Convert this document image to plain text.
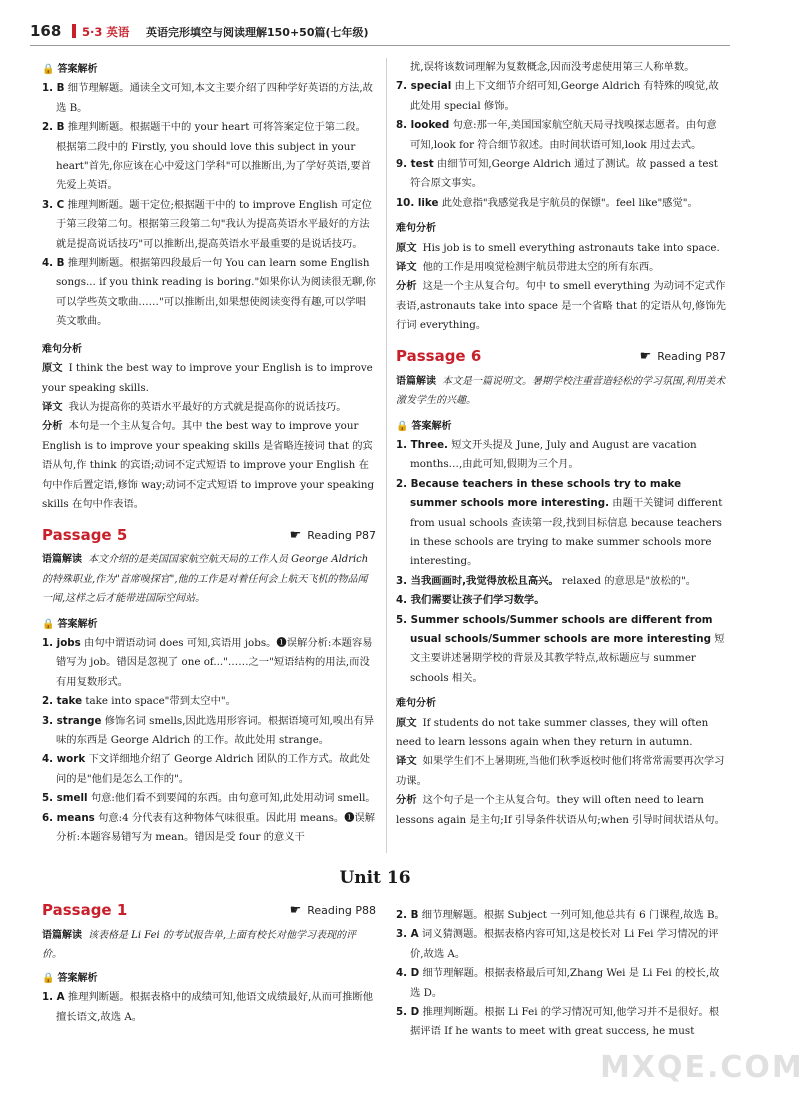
168 5·3 英语 英语完形填空与阅读理解150+50篇(七年级)
🔒 答案解析

1. B 细节理解题。通读全文可知,本文主要介绍了四种学好英语的方法,故选 B。

2. B 推理判断题。根据题干中的 your heart 可将答案定位于第二段。根据第二段中的 Firstly, you should love this subject in your heart"首先,你应该在心中爱这门学科"可以推断出,为了学好英语,要首先爱上英语。

3. C 推理判断题。题干定位;根据题干中的 to improve English 可定位于第三段第二句。根据第三段第二句"我认为提高英语水平最好的方法就是提高说话技巧"可以推断出,提高英语水平最重要的是说话技巧。

4. B 推理判断题。根据第四段最后一句 You can learn some English songs... if you think reading is boring."如果你认为阅读很无聊,你可以学些英文歌曲……"可以推断出,如果想使阅读变得有趣,可以学唱英文歌曲。

难句分析

原文 I think the best way to improve your English is to improve your speaking skills.

译文 我认为提高你的英语水平最好的方式就是提高你的说话技巧。

分析 本句是一个主从复合句。其中 the best way to improve your English is to improve your speaking skills 是省略连接词 that 的宾语从句,作 think 的宾语;动词不定式短语 to improve your English 在句中作后置定语,修饰 way;动词不定式短语 to improve your speaking skills 在句中作表语。

Passage 5	☛ Reading P87

语篇解读 本文介绍的是美国国家航空航天局的工作人员 George Aldrich 的特殊职业,作为"首席嗅探官",他的工作是对着任何会上航天飞机的物品闻一闻,这样之后才能带进国际空间站。

🔒 答案解析

1. jobs 由句中谓语动词 does 可知,宾语用 jobs。❶误解分析:本题容易错写为 job。错因是忽视了 one of..."……之一"短语结构的用法,而没有用复数形式。

2. take take into space"带到太空中"。

3. strange 修饰名词 smells,因此选用形容词。根据语境可知,嗅出有异味的东西是 George Aldrich 的工作。故此处用 strange。

4. work 下文详细地介绍了 George Aldrich 团队的工作方式。故此处问的是"他们是怎么工作的"。

5. smell 句意:他们看不到要闻的东西。由句意可知,此处用动词 smell。

6. means 句意:4 分代表有这种物体气味很重。因此用 means。❶误解分析:本题容易错写为 mean。错因是受 four 的意义干

扰,误将该数词理解为复数概念,因而没考虑使用第三人称单数。

7. special 由上下文细节介绍可知,George Aldrich 有特殊的嗅觉,故此处用 special 修饰。

8. looked 句意:那一年,美国国家航空航天局寻找嗅探志愿者。由句意可知,look for 符合细节叙述。由时间状语可知,look 用过去式。

9. test 由细节可知,George Aldrich 通过了测试。故 passed a test 符合原文事实。

10. like 此处意指"我感觉我是宇航员的保镖"。feel like"感觉"。

难句分析

原文 His job is to smell everything astronauts take into space.

译文 他的工作是用嗅觉检测宇航员带进太空的所有东西。

分析 这是一个主从复合句。句中 to smell everything 为动词不定式作表语,astronauts take into space 是一个省略 that 的定语从句,修饰先行词 everything。

Passage 6	☛ Reading P87

语篇解读 本文是一篇说明文。暑期学校注重营造轻松的学习氛围,利用美术激发学生的兴趣。

🔒 答案解析

1. Three. 短文开头提及 June, July and August are vacation months…,由此可知,假期为三个月。

2. Because teachers in these schools try to make summer schools more interesting. 由题干关键词 different from usual schools 查读第一段,找到目标信息 because teachers in these schools are trying to make summer schools more interesting。

3. 当我画画时,我觉得放松且高兴。 relaxed 的意思是"放松的"。

4. 我们需要让孩子们学习数学。

5. Summer schools/Summer schools are different from usual schools/Summer schools are more interesting 短文主要讲述暑期学校的背景及其教学特点,故标题应与 summer schools 相关。

难句分析

原文 If students do not take summer classes, they will often need to learn lessons again when they return in autumn.

译文 如果学生们不上暑期班,当他们秋季返校时他们将常常需要再次学习功课。

分析 这个句子是一个主从复合句。they will often need to learn lessons again 是主句;If 引导条件状语从句;when 引导时间状语从句。

Unit 16
Passage 1	☛ Reading P88

语篇解读 该表格是 Li Fei 的考试报告单,上面有校长对他学习表现的评价。

🔒 答案解析

1. A 推理判断题。根据表格中的成绩可知,他语文成绩最好,从而可推断他擅长语文,故选 A。

2. B 细节理解题。根据 Subject 一列可知,他总共有 6 门课程,故选 B。

3. A 词义猜测题。根据表格内容可知,这是校长对 Li Fei 学习情况的评价,故选 A。

4. D 细节理解题。根据表格最后可知,Zhang Wei 是 Li Fei 的校长,故选 D。

5. D 推理判断题。根据 Li Fei 的学习情况可知,他学习并不是很好。根据评语 If he wants to meet with great success, he must

MXQE.COM
